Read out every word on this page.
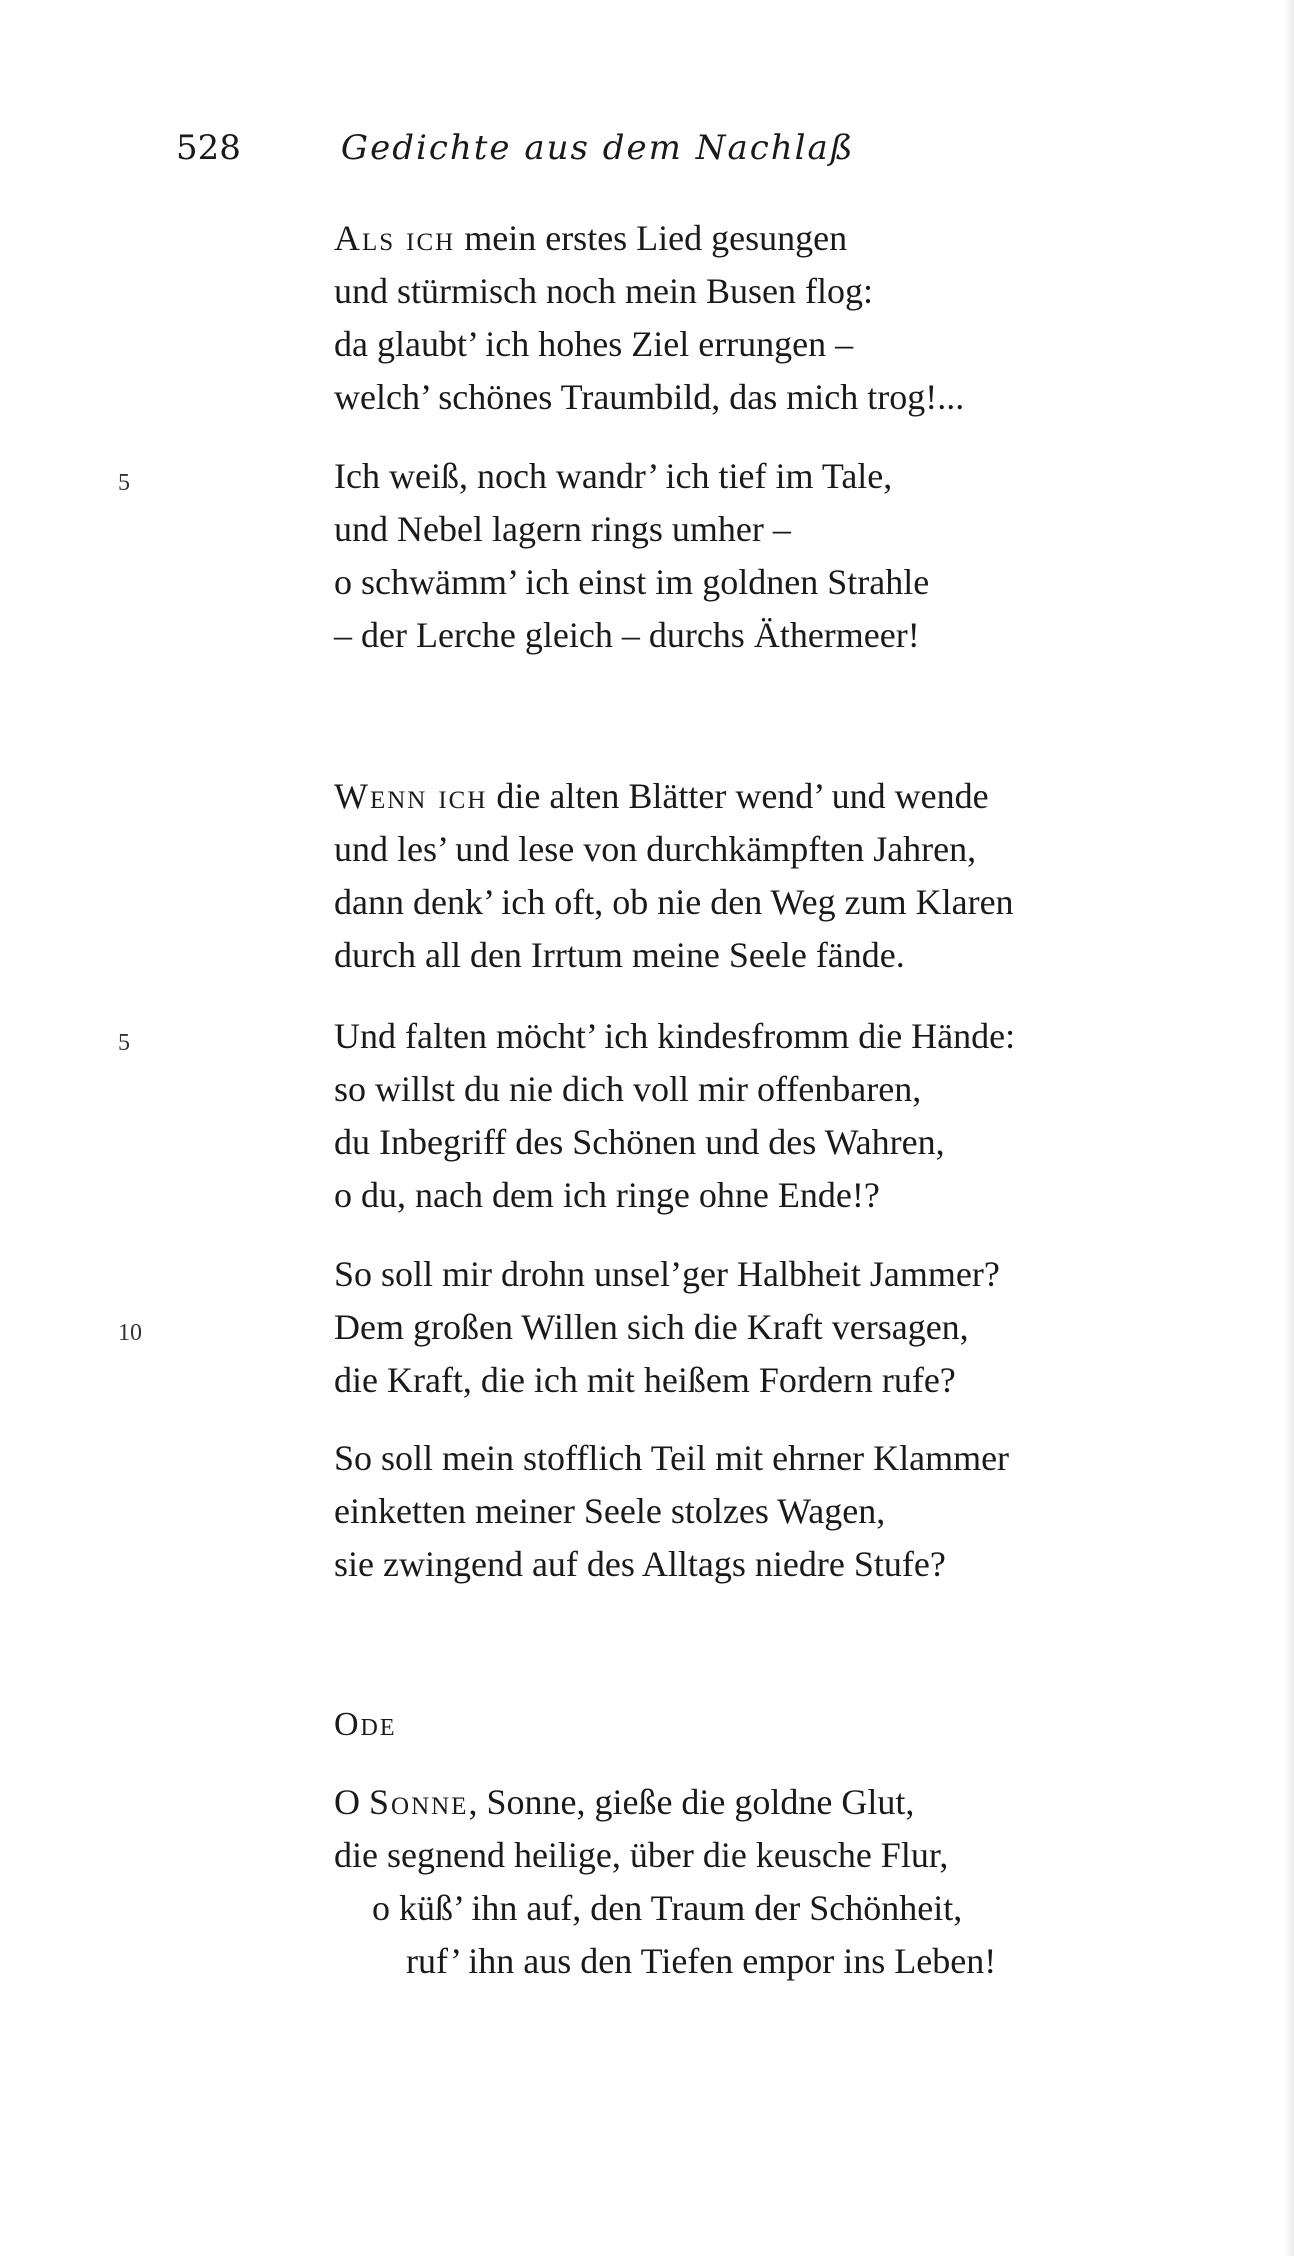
528	Gedichte aus dem Nachlaß
Als ich mein erstes Lied gesungen
und stürmisch noch mein Busen flog:
da glaubt’ ich hohes Ziel errungen –
welch’ schönes Traumbild, das mich trog!...
5	Ich weiß, noch wandr’ ich tief im Tale,
und Nebel lagern rings umher –
o schwämm’ ich einst im goldnen Strahle
– der Lerche gleich – durchs Äthermeer!
Wenn ich die alten Blätter wend’ und wende
und les’ und lese von durchkämpften Jahren,
dann denk’ ich oft, ob nie den Weg zum Klaren
durch all den Irrtum meine Seele fände.
5	Und falten möcht’ ich kindesfromm die Hände:
so willst du nie dich voll mir offenbaren,
du Inbegriff des Schönen und des Wahren,
o du, nach dem ich ringe ohne Ende!?
10
So soll mir drohn unsel’ger Halbheit Jammer?
Dem großen Willen sich die Kraft versagen,
die Kraft, die ich mit heißem Fordern rufe?
So soll mein stofflich Teil mit ehrner Klammer
einketten meiner Seele stolzes Wagen,
sie zwingend auf des Alltags niedre Stufe?
Ode
O Sonne, Sonne, gieße die goldne Glut,
die segnend heilige, über die keusche Flur,
o küß’ ihn auf, den Traum der Schönheit,
ruf’ ihn aus den Tiefen empor ins Leben!
